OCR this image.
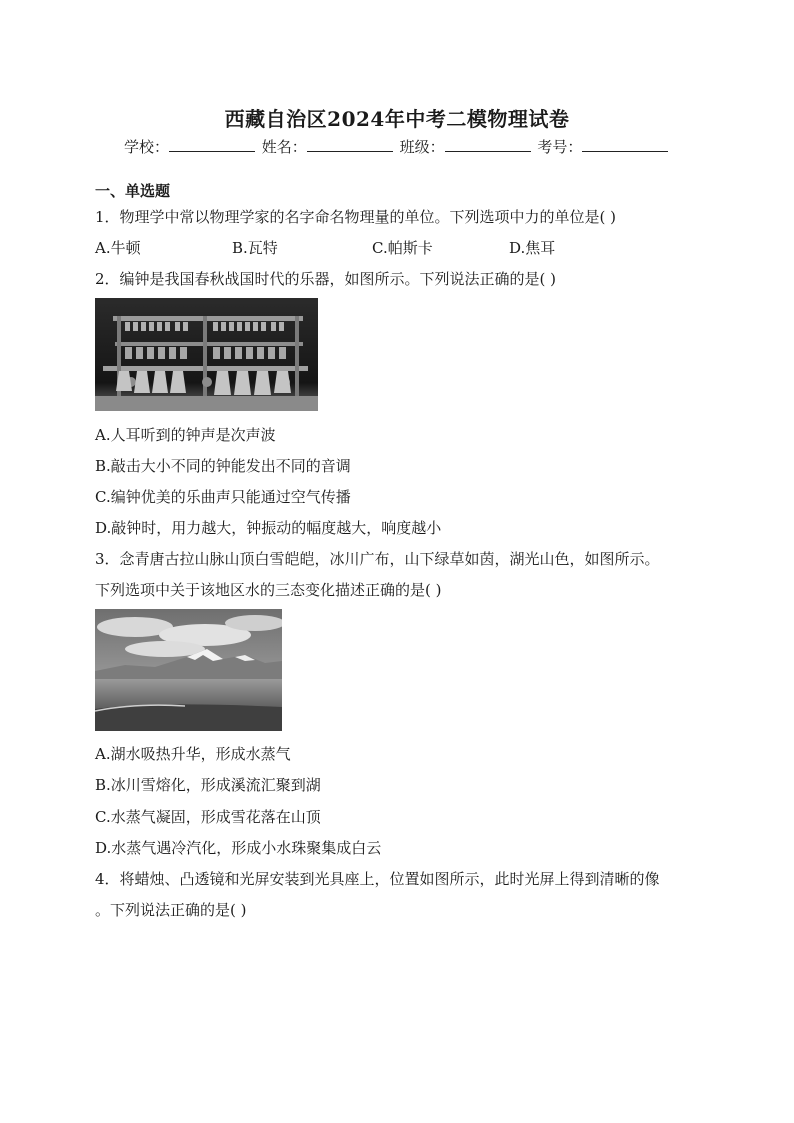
西藏自治区2024年中考二模物理试卷
学校：	姓名：	班级：	考号：
一、单选题
1．物理学中常以物理学家的名字命名物理量的单位。下列选项中力的单位是( )
A.牛顿	B.瓦特	C.帕斯卡	D.焦耳
2．编钟是我国春秋战国时代的乐器，如图所示。下列说法正确的是( )
A.人耳听到的钟声是次声波
B.敲击大小不同的钟能发出不同的音调
C.编钟优美的乐曲声只能通过空气传播
D.敲钟时，用力越大，钟振动的幅度越大，响度越小
3．念青唐古拉山脉山顶白雪皑皑，冰川广布，山下绿草如茵，湖光山色，如图所示。
下列选项中关于该地区水的三态变化描述正确的是( )
A.湖水吸热升华，形成水蒸气
B.冰川雪熔化，形成溪流汇聚到湖
C.水蒸气凝固，形成雪花落在山顶
D.水蒸气遇冷汽化，形成小水珠聚集成白云
4．将蜡烛、凸透镜和光屏安装到光具座上，位置如图所示，此时光屏上得到清晰的像
。下列说法正确的是( )
